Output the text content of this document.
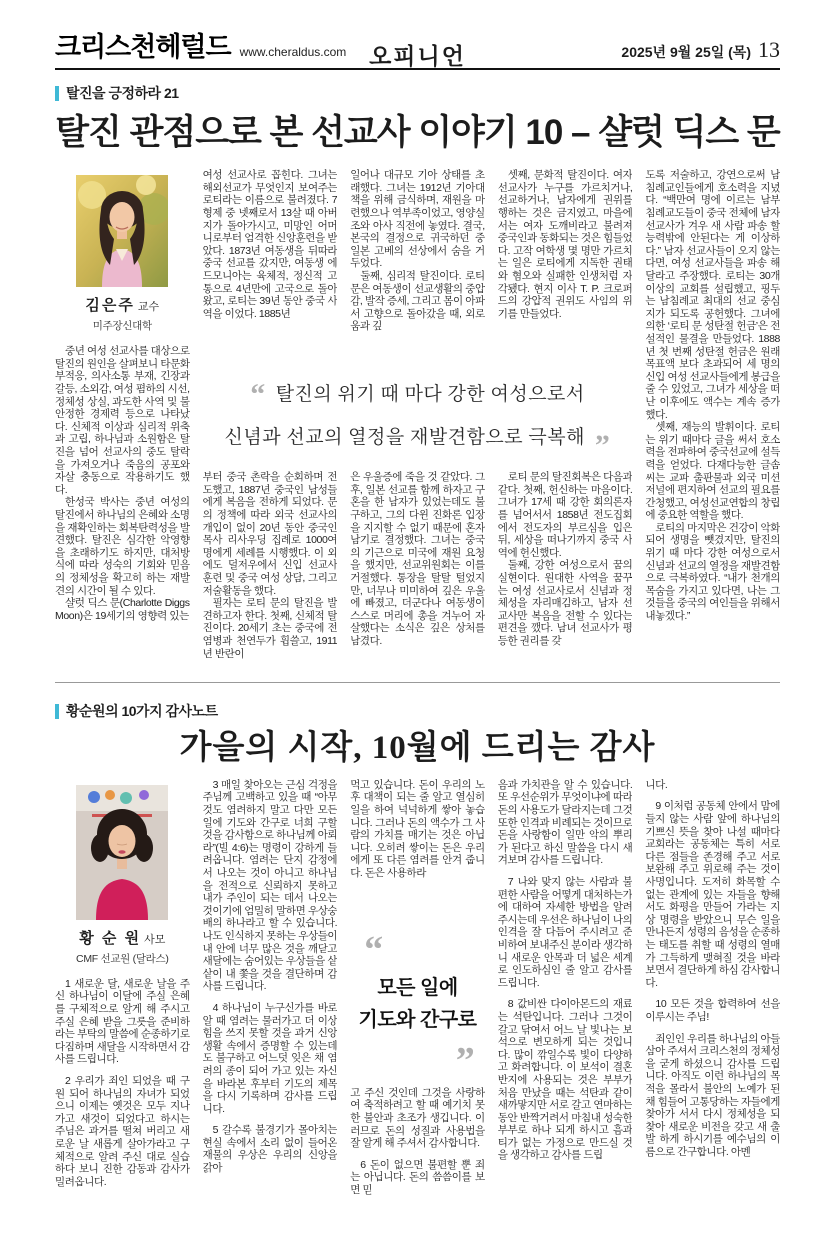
크리스천헤럴드 www.cheraldus.com 오피니언	2025년 9월 25일 (목) 13
탈진을 긍정하라 21
탈진 관점으로 본 선교사 이야기 10 – 샬럿 딕스 문
김은주 교수
미주장신대학

중년 여성 선교사를 대상으로 탈진의 원인을 살펴보니 타문화 부적응, 의사소통 부재, 긴장과 갈등, 소외감, 여성 폄하의 시선, 정체성 상실, 과도한 사역 및 불안정한 경제력 등으로 나타났다. 신체적 이상과 심리적 위축과 고립, 하나님과 소원함은 탈진을 넘어 선교사의 중도 탈락을 가져오거나 죽음의 공포와 자살 충동으로 작용하기도 했다.

한성국 박사는 중년 여성의 탈진에서 하나님의 은혜와 소명을 재확인하는 회복탄력성을 발견했다. 탈진은 심각한 악영향을 초래하기도 하지만, 대처방식에 따라 성숙의 기회와 믿음의 정체성을 확고히 하는 재발견의 시간이 될 수 있다.

샬럿 딕스 문(Charlotte Diggs Moon)은 19세기의 영향력 있는

여성 선교사로 꼽힌다. 그녀는 해외선교가 무엇인지 보여주는 로티라는 이름으로 불려졌다. 7형제 중 넷째로서 13살 때 아버지가 돌아가시고, 미망인 어머니로부터 엄격한 신앙훈련을 받았다. 1873년 여동생을 뒤따라 중국 선교를 갔지만, 여동생 에드모니아는 육체적, 정신적 고통으로 4년만에 고국으로 돌아왔고, 로티는 39년 동안 중국 사역을 이었다. 1885년

일어나 대규모 기아 상태를 초래했다. 그녀는 1912년 기아대책을 위해 금식하며, 재원을 마련했으나 역부족이었고, 영양실조와 아사 직전에 놓였다. 결국, 본국의 결정으로 귀국하던 중 일본 고베의 선상에서 숨을 거두었다.

둘째, 심리적 탈진이다. 로티 문은 여동생이 선교생활의 중압감, 발작 증세, 그리고 몸이 아파서 고향으로 돌아갔을 때, 외로움과 깊

셋째, 문화적 탈진이다. 여자 선교사가 누구를 가르치거나, 선교하거나, 남자에게 권위를 행하는 것은 금지였고, 마을에서는 여자 도깨비라고 불려져 중국인과 동화되는 것은 힘들었다. 고작 여학생 몇 명만 가르치는 일은 로티에게 지독한 권태와 혐오와 실패한 인생처럼 자각됐다. 현지 이사 T. P. 크로퍼드의 강압적 권위도 사임의 위기를 만들었다.

“ 탈진의 위기 때 마다 강한 여성으로서
신념과 선교의 열정을 재발견함으로 극복해 ”

부터 중국 촌락을 순회하며 전도했고, 1887년 중국인 남성들에게 복음을 전하게 되었다. 문의 정책에 따라 외국 선교사의 개입이 없이 20년 동안 중국인 목사 리사우딩 집례로 1000여명에게 세례를 시행했다. 이 외에도 덜저우에서 신입 선교사 훈련 및 중국 여성 상담, 그리고 저술활동을 했다.

필자는 로티 문의 탈진을 발견하고자 한다. 첫째, 신체적 탈진이다. 20세기 초는 중국에 전염병과 천연두가 휩쓸고, 1911년 반란이

은 우울증에 죽을 것 같았다. 그 후, 일본 선교를 함께 하자고 구혼을 한 남자가 있었는데도 불구하고, 그의 다윈 진화론 입장을 지지할 수 없기 때문에 혼자 남기로 결정했다. 그녀는 중국의 기근으로 미국에 재원 요청을 했지만, 선교위원회는 이를 거절했다. 통장을 탈탈 털었지만, 너무나 미미하여 깊은 우울에 빠졌고, 더군다나 여동생이 스스로 머리에 총을 겨누어 자살했다는 소식은 깊은 상처를 남겼다.

로티 문의 탈진회복은 다음과 같다. 첫째, 헌신하는 마음이다. 그녀가 17세 때 강한 회의론자를 넘어서서 1858년 전도집회에서 전도자의 부르심을 입은 뒤, 세상을 떠나기까지 중국 사역에 헌신했다.

둘째, 강한 여성으로서 꿈의 실현이다. 원대한 사역을 꿈꾸는 여성 선교사로서 신념과 정체성을 자리매김하고, 남자 선교사만 복음을 전할 수 있다는 편견을 깼다. 남녀 선교사가 평등한 권리를 갖

도록 저술하고, 강연으로써 남침례교인들에게 호소력을 지녔다. “백만여 명에 이르는 남부 침례교도들이 중국 전체에 남자 선교사가 겨우 새 사람 파송 할 능력밖에 안된다는 게 이상하다.” 남자 선교사들이 오지 않는다면, 여성 선교사들을 파송 해달라고 주장했다. 로티는 30개 이상의 교회를 설립했고, 핑두는 남침례교 최대의 선교 중심지가 되도록 공헌했다. 그녀에 의한 ‘로티 문 성탄절 헌금’은 전설적인 물결을 만들었다. 1888년 첫 번째 성탄절 헌금은 원래 목표액 보다 초과되어 세 명의 신입 여성 선교사들에게 봉급을 줄 수 있었고, 그녀가 세상을 떠난 이후에도 액수는 계속 증가했다.

셋째, 재능의 발휘이다. 로티는 위기 때마다 글을 써서 호소력을 전파하여 중국선교에 설득력을 얻었다. 다재다능한 글솜씨는 교파 출판물과 외국 미션 저널에 편지하여 선교의 필요를 간청했고, 여성선교연합의 창립에 중요한 역할을 했다.

로티의 마지막은 건강이 악화되어 생명을 뺏겼지만, 탈진의 위기 때 마다 강한 여성으로서 신념과 선교의 열정을 재발견함으로 극복하였다. “내가 천개의 목숨을 가지고 있다면, 나는 그것들을 중국의 여인들을 위해서 내놓겠다.”

황순원의 10가지 감사노트
가을의 시작, 10월에 드리는 감사
황 순 원 사모
CMF 선교원 (달라스)

1 새로운 달, 새로운 날을 주신 하나님이 이달에 주실 은혜를 구체적으로 알게 해 주시고 주실 은혜 받을 그릇을 준비하라는 부탁의 말씀에 순종하기로 다짐하며 새달을 시작하면서 감사를 드립니다.

2 우리가 죄인 되었을 때 구원 되어 하나님의 자녀가 되었으니 이제는 옛것은 모두 지나가고 새것이 되었다고 하시는 주님은 과거를 떨쳐 버리고 새로운 날 새롭게 살아가라고 구체적으로 알려 주신 대로 실습하다 보니 진한 감동과 감사가 밀려옵니다.

3 매일 찾아오는 근심 걱정을 주님께 고백하고 있을 때 “아무 것도 염려하지 말고 다만 모든 일에 기도와 간구로 너희 구할 것을 감사함으로 하나님께 아뢰라”(빌 4:6)는 명령이 강하게 들려옵니다. 염려는 단지 감정에서 나오는 것이 아니고 하나님을 전적으로 신뢰하지 못하고 내가 주인이 되는 데서 나오는 것이기에 엄밀히 말하면 우상숭배의 하나라고 할 수 있습니다. 나도 인식하지 못하는 우상들이 내 안에 너무 많은 것을 깨닫고 새달에는 숨어있는 우상들을 샅샅이 내 쫓을 것을 결단하며 감사를 드립니다.

4 하나님이 누구신가를 바로 알 때 염려는 물러가고 더 이상 힘을 쓰지 못할 것을 과거 신앙생활 속에서 증명할 수 있는데도 불구하고 어느덧 잊은 채 염려의 종이 되어 가고 있는 자신을 바라본 후부터 기도의 제목을 다시 기록하며 감사를 드립니다.

5 갈수록 불경기가 몰아치는 현실 속에서 소리 없이 들어온 재물의 우상은 우리의 신앙을 갉아

먹고 있습니다. 돈이 우리의 노후 대책이 되는 줄 알고 열심히 일을 하여 넉넉하게 쌓아 놓습니다. 그러나 돈의 액수가 그 사람의 가치를 매기는 것은 아닙니다. 오히려 쌓이는 돈은 우리에게 또 다른 염려를 안겨 줍니다. 돈은 사용하라

“
모든 일에
기도와 간구로
”

고 주신 것인데 그것을 사랑하여 축적하려고 할 때 예기치 못한 불안과 초조가 생깁니다. 이러므로 돈의 성질과 사용법을 잘 알게 해 주셔서 감사합니다.

6 돈이 없으면 불편할 뿐 죄는 아닙니다. 돈의 씀씀이를 보면 믿

음과 가치관을 알 수 있습니다. 또 우선순위가 무엇이냐에 따라 돈의 사용도가 달라지는데 그것 또한 인격과 비례되는 것이므로 돈을 사랑함이 일만 악의 뿌리가 된다고 하신 말씀을 다시 새겨보며 감사를 드립니다.

7 나와 맞지 않는 사람과 불편한 사람을 어떻게 대처하는가에 대하여 자세한 방법을 알려 주시는데 우선은 하나님이 나의 인격을 잘 다듬어 주시려고 준비하여 보내주신 분이라 생각하니 새로운 안목과 더 넓은 세계로 인도하심인 줄 알고 감사를 드립니다.

8 값비싼 다이아몬드의 재료는 석탄입니다. 그러나 그것이 갈고 닦여서 어느 날 빛나는 보석으로 변모하게 되는 것입니다. 많이 깎일수록 빛이 다양하고 화려합니다. 이 보석이 결혼반지에 사용되는 것은 부부가 처음 만났을 때는 석탄과 같이 새까맣지만 서로 갈고 연마하는 동안 반짝거려서 마침내 성숙한 부부로 하나 되게 하시고 흠과 티가 없는 가정으로 만드실 것을 생각하고 감사를 드립

니다.

9 이처럼 공동체 안에서 맘에 들지 않는 사람 앞에 하나님의 기쁘신 뜻을 찾아 나설 때마다 교회라는 공동체는 특히 서로 다른 점들을 존경해 주고 서로 보완해 주고 위로해 주는 것이 사명입니다. 도저히 화목할 수 없는 관계에 있는 자들을 향해서도 화평을 만들어 가라는 지상 명령을 받았으니 무슨 일을 만나든지 성령의 음성을 순종하는 태도를 취할 때 성령의 열매가 그득하게 맺혀질 것을 바라보면서 결단하게 하심 감사합니다.

10 모든 것을 합력하여 선을 이루시는 주님!

죄인인 우리를 하나님의 아들 삼아 주셔서 크리스천의 정체성을 굳게 하셨으니 감사를 드립니다. 아직도 이런 하나님의 목적을 몰라서 불안의 노예가 된 채 힘들어 고통당하는 자들에게 찾아가 서서 다시 정체성을 되찾아 새로운 비전을 갖고 새 출발 하게 하시기를 예수님의 이름으로 간구합니다. 아멘
